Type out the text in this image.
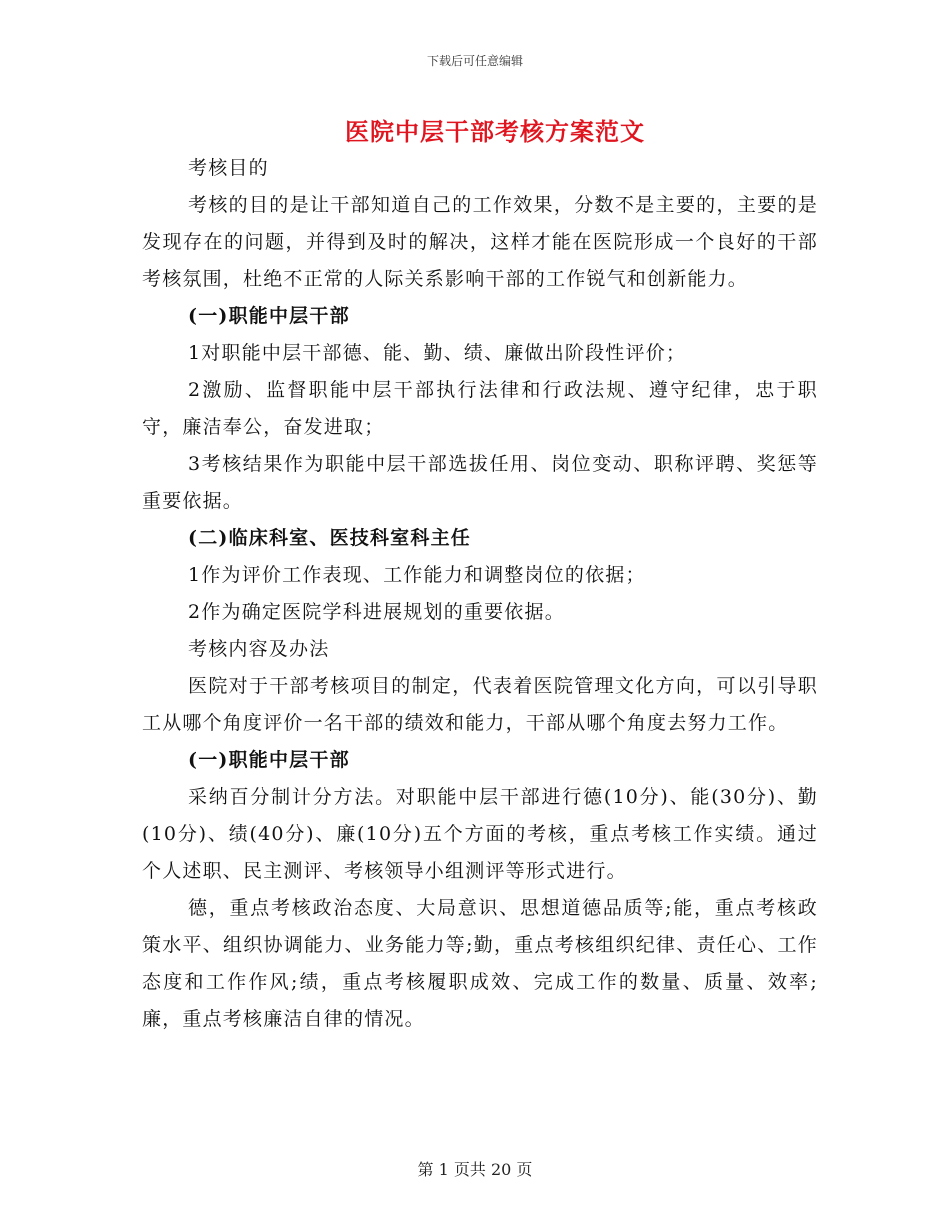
下载后可任意编辑
医院中层干部考核方案范文

考核目的

考核的目的是让干部知道自己的工作效果，分数不是主要的，主要的是发现存在的问题，并得到及时的解决，这样才能在医院形成一个良好的干部考核氛围，杜绝不正常的人际关系影响干部的工作锐气和创新能力。

(一)职能中层干部

1对职能中层干部德、能、勤、绩、廉做出阶段性评价；

2激励、监督职能中层干部执行法律和行政法规、遵守纪律，忠于职守，廉洁奉公，奋发进取；

3考核结果作为职能中层干部选拔任用、岗位变动、职称评聘、奖惩等重要依据。

(二)临床科室、医技科室科主任

1作为评价工作表现、工作能力和调整岗位的依据；

2作为确定医院学科进展规划的重要依据。

考核内容及办法

医院对于干部考核项目的制定，代表着医院管理文化方向，可以引导职工从哪个角度评价一名干部的绩效和能力，干部从哪个角度去努力工作。

(一)职能中层干部

采纳百分制计分方法。对职能中层干部进行德(10分)、能(30分)、勤(10分)、绩(40分)、廉(10分)五个方面的考核，重点考核工作实绩。通过个人述职、民主测评、考核领导小组测评等形式进行。

德，重点考核政治态度、大局意识、思想道德品质等;能，重点考核政策水平、组织协调能力、业务能力等;勤，重点考核组织纪律、责任心、工作态度和工作作风;绩，重点考核履职成效、完成工作的数量、质量、效率;廉，重点考核廉洁自律的情况。

第 1 页共 20 页
